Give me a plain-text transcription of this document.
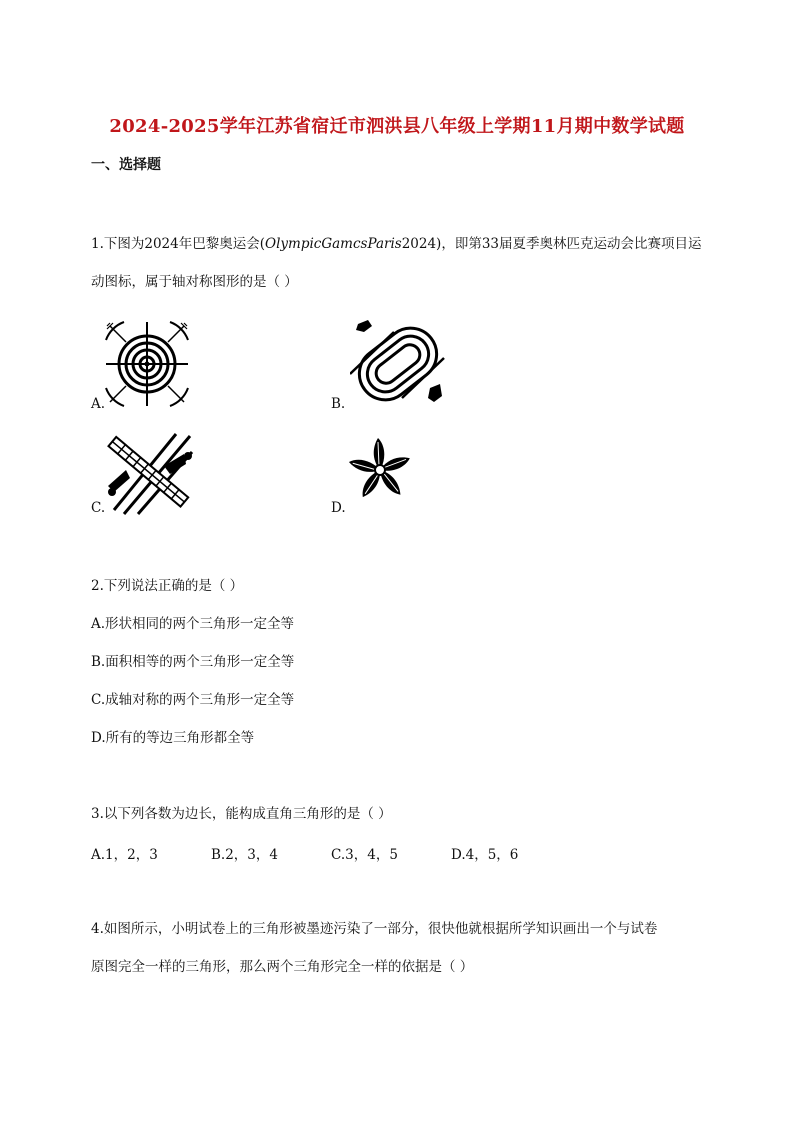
2024-2025学年江苏省宿迁市泗洪县八年级上学期11月期中数学试题
一、选择题
1.下图为2024年巴黎奥运会(OlympicGamcsParis2024)，即第33届夏季奥林匹克运动会比赛项目运
动图标，属于轴对称图形的是（ ）
A.	B.
C.	D.
2.下列说法正确的是（ ）
A.形状相同的两个三角形一定全等
B.面积相等的两个三角形一定全等
C.成轴对称的两个三角形一定全等
D.所有的等边三角形都全等
3.以下列各数为边长，能构成直角三角形的是（ ）
A.1，2，3	B.2，3，4	C.3，4，5	D.4，5，6
4.如图所示，小明试卷上的三角形被墨迹污染了一部分，很快他就根据所学知识画出一个与试卷
原图完全一样的三角形，那么两个三角形完全一样的依据是（ ）
